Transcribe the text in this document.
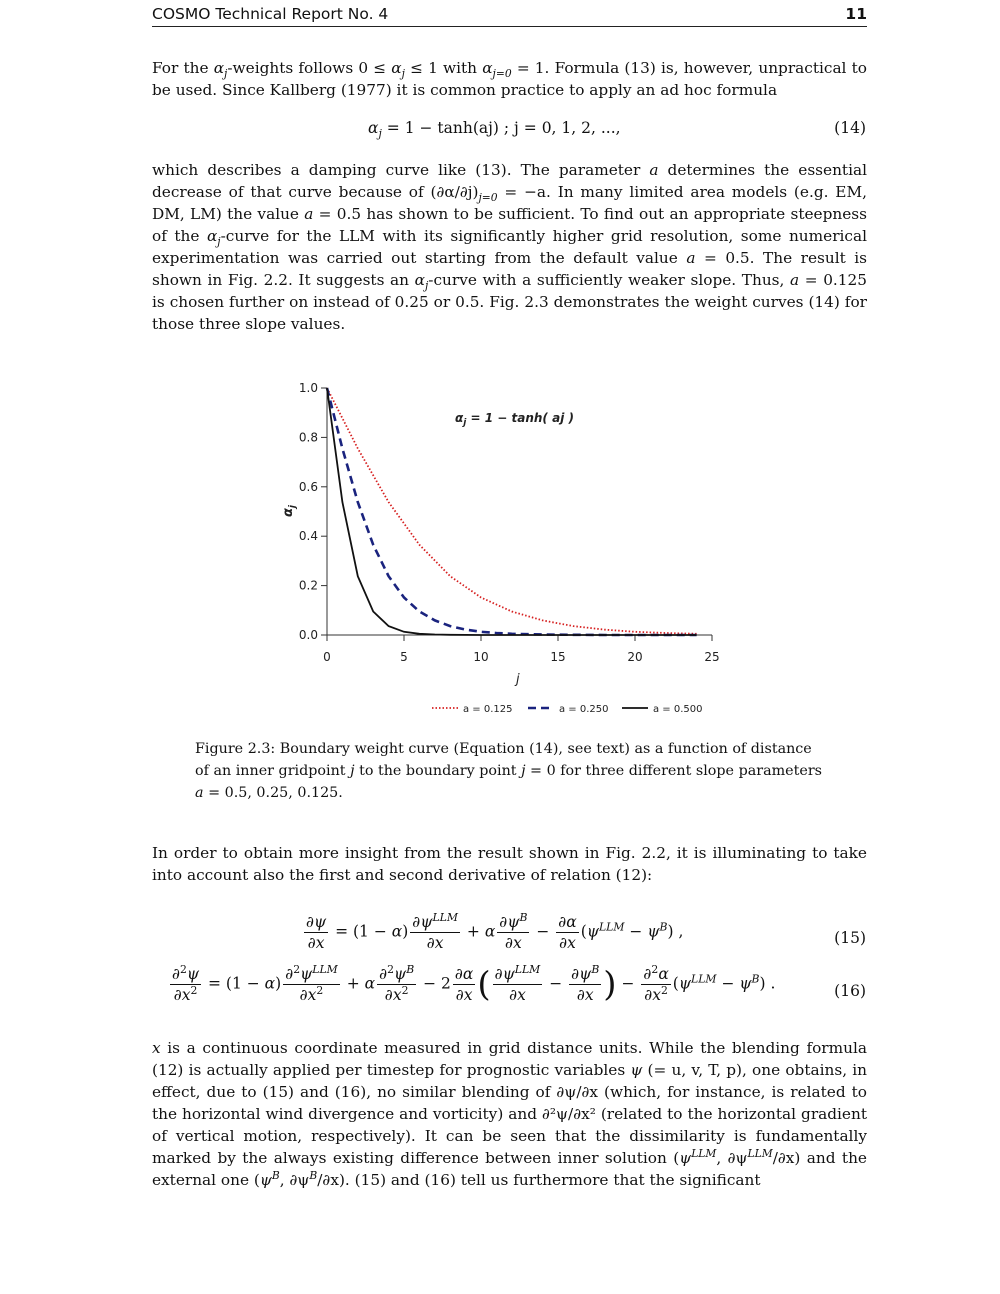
COSMO Technical Report No. 4	11

For the $\alpha_j$-weights follows $0 \le \alpha_j \le 1$ with $\alpha_{j=0} = 1$. Formula (13) is, however, unpractical to be used. Since Kallberg (1977) it is common practice to apply an ad hoc formula

$\alpha_j = 1 - \tanh(aj)$ ; j = 0, 1, 2, ...,	(14)

which describes a damping curve like (13). The parameter a determines the essential decrease of that curve because of $(\partial\alpha/\partial j)_{j=0} = -a$. In many limited area models (e.g. EM, DM, LM) the value a = 0.5 has shown to be sufficient. To find out an appropriate steepness of the $\alpha_j$-curve for the LLM with its significantly higher grid resolution, some numerical experimentation was carried out starting from the default value a = 0.5. The result is shown in Fig. 2.2. It suggests an $\alpha_j$-curve with a sufficiently weaker slope. Thus, a = 0.125 is chosen further on instead of 0.25 or 0.5. Fig. 2.3 demonstrates the weight curves (14) for those three slope values.

0.0
0.2
0.4
0.6
0.8
1.0
0	5	10	15	20	25
$\alpha_j = 1 - \tanh$( aj )
j
$\alpha_j$
a = 0.125	a = 0.250	a = 0.500

Figure 2.3: Boundary weight curve (Equation (14), see text) as a function of distance of an inner gridpoint j to the boundary point j = 0 for three different slope parameters a = 0.5, 0.25, 0.125.

In order to obtain more insight from the result shown in Fig. 2.2, it is illuminating to take into account also the first and second derivative of relation (12):

$\frac{\partial\psi}{\partial x} = (1 - \alpha) \frac{\partial\psi^{LLM}}{\partial x} + \alpha \frac{\partial\psi^B}{\partial x} - \frac{\partial\alpha}{\partial x} (\psi^{LLM} - \psi^B)$ ,	(15)
$\frac{\partial^2\psi}{\partial x^2} = (1 - \alpha) \frac{\partial^2\psi^{LLM}}{\partial x^2} + \alpha \frac{\partial^2\psi^B}{\partial x^2} - 2 \frac{\partial\alpha}{\partial x}$ ( $\frac{\partial\psi^{LLM}}{\partial x} - \frac{\partial\psi^B}{\partial x}$ ) − $\frac{\partial^2\alpha}{\partial x^2} (\psi^{LLM} - \psi^B)$ .	(16)

x is a continuous coordinate measured in grid distance units. While the blending formula (12) is actually applied per timestep for prognostic variables ψ (= u, v, T, p), one obtains, in effect, due to (15) and (16), no similar blending of ∂ψ/∂x (which, for instance, is related to the horizontal wind divergence and vorticity) and ∂²ψ/∂x² (related to the horizontal gradient of vertical motion, respectively). It can be seen that the dissimilarity is fundamentally marked by the always existing difference between inner solution ($\psi^{LLM}$, $\partial\psi^{LLM}/\partial x$) and the external one ($\psi^B$, $\partial\psi^B/\partial x$). (15) and (16) tell us furthermore that the significant
